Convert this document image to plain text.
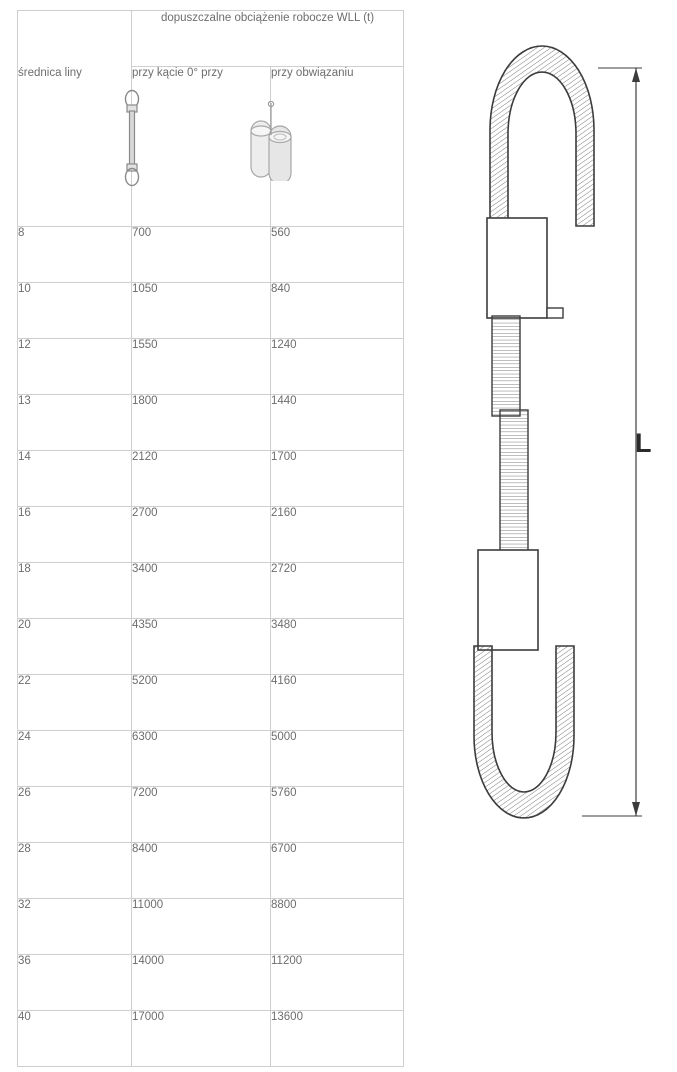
	dopuszczalne obciążenie robocze WLL (t)	
średnica liny	przy kącie 0° przy	przy obwiązaniu

8	700	560
10	1050	840
12	1550	1240
13	1800	1440
14	2120	1700
16	2700	2160
18	3400	2720
20	4350	3480
22	5200	4160
24	6300	5000
26	7200	5760
28	8400	6700
32	11000	8800
36	14000	11200
40	17000	13600
L
